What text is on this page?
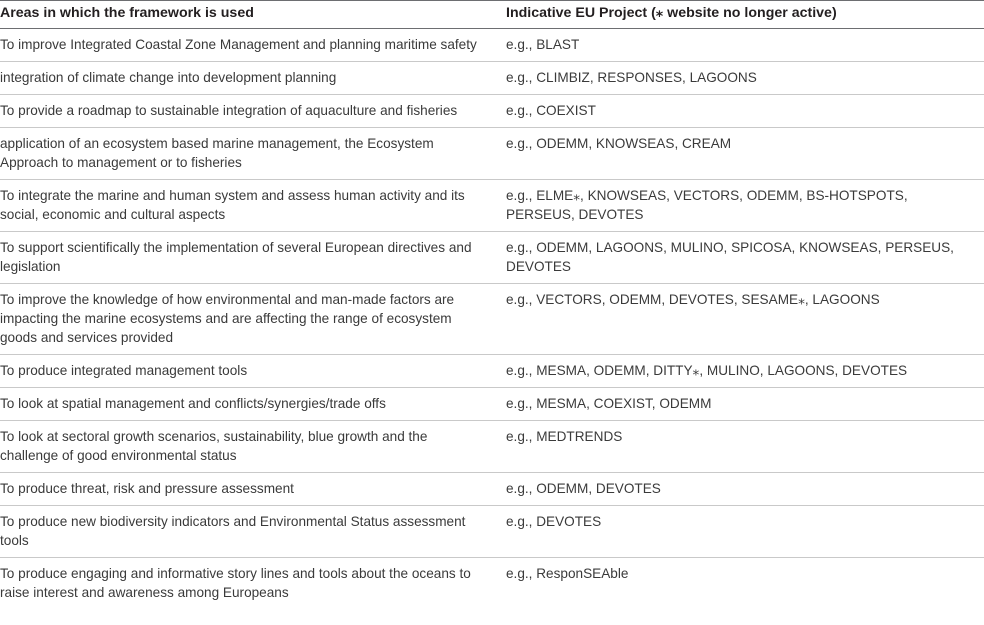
Areas in which the framework is used	Indicative EU Project (⁎ website no longer active)
To improve Integrated Coastal Zone Management and planning maritime safety	e.g., BLAST
integration of climate change into development planning	e.g., CLIMBIZ, RESPONSES, LAGOONS
To provide a roadmap to sustainable integration of aquaculture and fisheries	e.g., COEXIST
application of an ecosystem based marine management, the Ecosystem Approach to management or to fisheries	e.g., ODEMM, KNOWSEAS, CREAM
To integrate the marine and human system and assess human activity and its social, economic and cultural aspects	e.g., ELME⁎, KNOWSEAS, VECTORS, ODEMM, BS-HOTSPOTS, PERSEUS, DEVOTES
To support scientifically the implementation of several European directives and legislation	e.g., ODEMM, LAGOONS, MULINO, SPICOSA, KNOWSEAS, PERSEUS, DEVOTES
To improve the knowledge of how environmental and man-made factors are impacting the marine ecosystems and are affecting the range of ecosystem goods and services provided	e.g., VECTORS, ODEMM, DEVOTES, SESAME⁎, LAGOONS
To produce integrated management tools	e.g., MESMA, ODEMM, DITTY⁎, MULINO, LAGOONS, DEVOTES
To look at spatial management and conflicts/synergies/trade offs	e.g., MESMA, COEXIST, ODEMM
To look at sectoral growth scenarios, sustainability, blue growth and the challenge of good environmental status	e.g., MEDTRENDS
To produce threat, risk and pressure assessment	e.g., ODEMM, DEVOTES
To produce new biodiversity indicators and Environmental Status assessment tools	e.g., DEVOTES
To produce engaging and informative story lines and tools about the oceans to raise interest and awareness among Europeans	e.g., ResponSEAble
